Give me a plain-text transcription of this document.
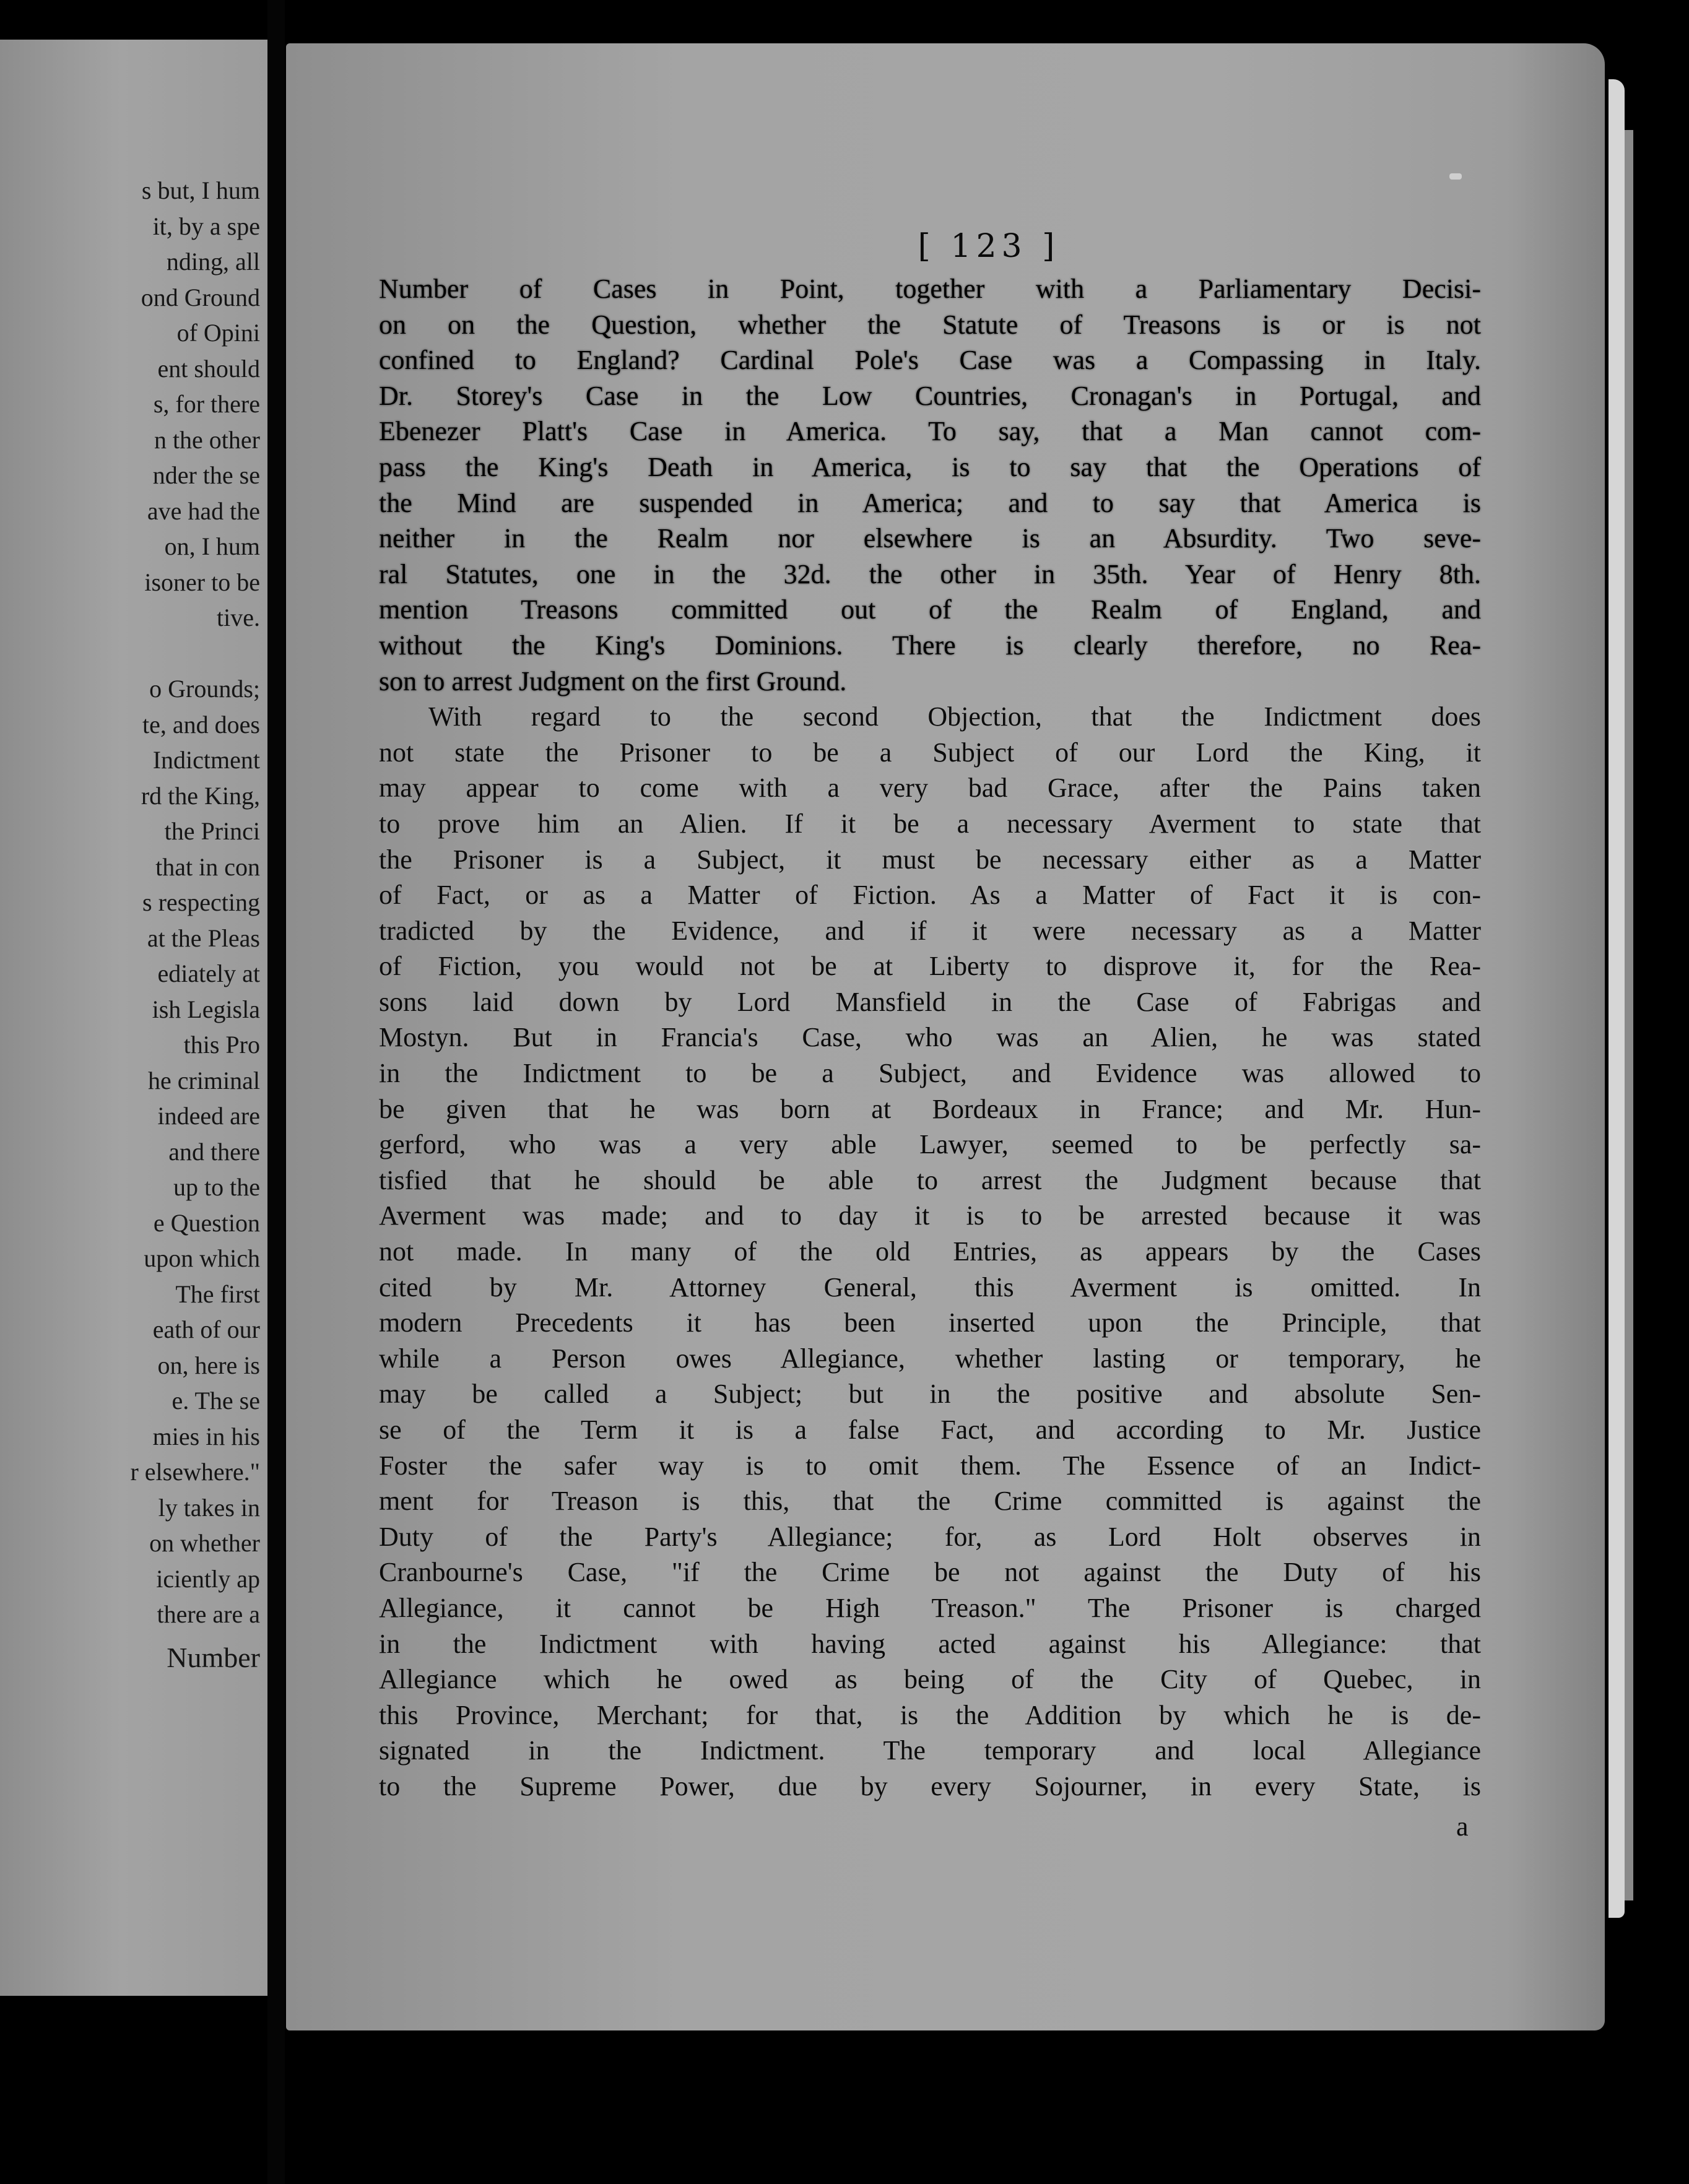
s but, I hum
it, by a spe
nding, all
ond Ground
of Opini
ent should
s, for there
n the other
nder the se
ave had the
on, I hum
isoner to be
tive.
o Grounds;
te, and does
Indictment
rd the King,
the Princi
that in con
s respecting
at the Pleas
ediately at
ish Legisla
this Pro
he criminal
indeed are
and there
up to the
e Question
upon which
The first
eath of our
on, here is
e. The se
mies in his
r elsewhere."
ly takes in
on whether
iciently ap
there are a
Number
[ 123 ]
Number of Cases in Point, together with a Parliamentary Decisi-
on on the Question, whether the Statute of Treasons is or is not
confined to England? Cardinal Pole's Case was a Compassing in Italy.
Dr. Storey's Case in the Low Countries, Cronagan's in Portugal, and
Ebenezer Platt's Case in America. To say, that a Man cannot com-
pass the King's Death in America, is to say that the Operations of
the Mind are suspended in America; and to say that America is
neither in the Realm nor elsewhere is an Absurdity. Two seve-
ral Statutes, one in the 32d. the other in 35th. Year of Henry 8th.
mention Treasons committed out of the Realm of England, and
without the King's Dominions. There is clearly therefore, no Rea-
son to arrest Judgment on the first Ground.
With regard to the second Objection, that the Indictment does
not state the Prisoner to be a Subject of our Lord the King, it
may appear to come with a very bad Grace, after the Pains taken
to prove him an Alien. If it be a necessary Averment to state that
the Prisoner is a Subject, it must be necessary either as a Matter
of Fact, or as a Matter of Fiction. As a Matter of Fact it is con-
tradicted by the Evidence, and if it were necessary as a Matter
of Fiction, you would not be at Liberty to disprove it, for the Rea-
sons laid down by Lord Mansfield in the Case of Fabrigas and
Mostyn. But in Francia's Case, who was an Alien, he was stated
in the Indictment to be a Subject, and Evidence was allowed to
be given that he was born at Bordeaux in France; and Mr. Hun-
gerford, who was a very able Lawyer, seemed to be perfectly sa-
tisfied that he should be able to arrest the Judgment because that
Averment was made; and to day it is to be arrested because it was
not made. In many of the old Entries, as appears by the Cases
cited by Mr. Attorney General, this Averment is omitted. In
modern Precedents it has been inserted upon the Principle, that
while a Person owes Allegiance, whether lasting or temporary, he
may be called a Subject; but in the positive and absolute Sen-
se of the Term it is a false Fact, and according to Mr. Justice
Foster the safer way is to omit them. The Essence of an Indict-
ment for Treason is this, that the Crime committed is against the
Duty of the Party's Allegiance; for, as Lord Holt observes in
Cranbourne's Case, "if the Crime be not against the Duty of his
Allegiance, it cannot be High Treason." The Prisoner is charged
in the Indictment with having acted against his Allegiance: that
Allegiance which he owed as being of the City of Quebec, in
this Province, Merchant; for that, is the Addition by which he is de-
signated in the Indictment. The temporary and local Allegiance
to the Supreme Power, due by every Sojourner, in every State, is
a
